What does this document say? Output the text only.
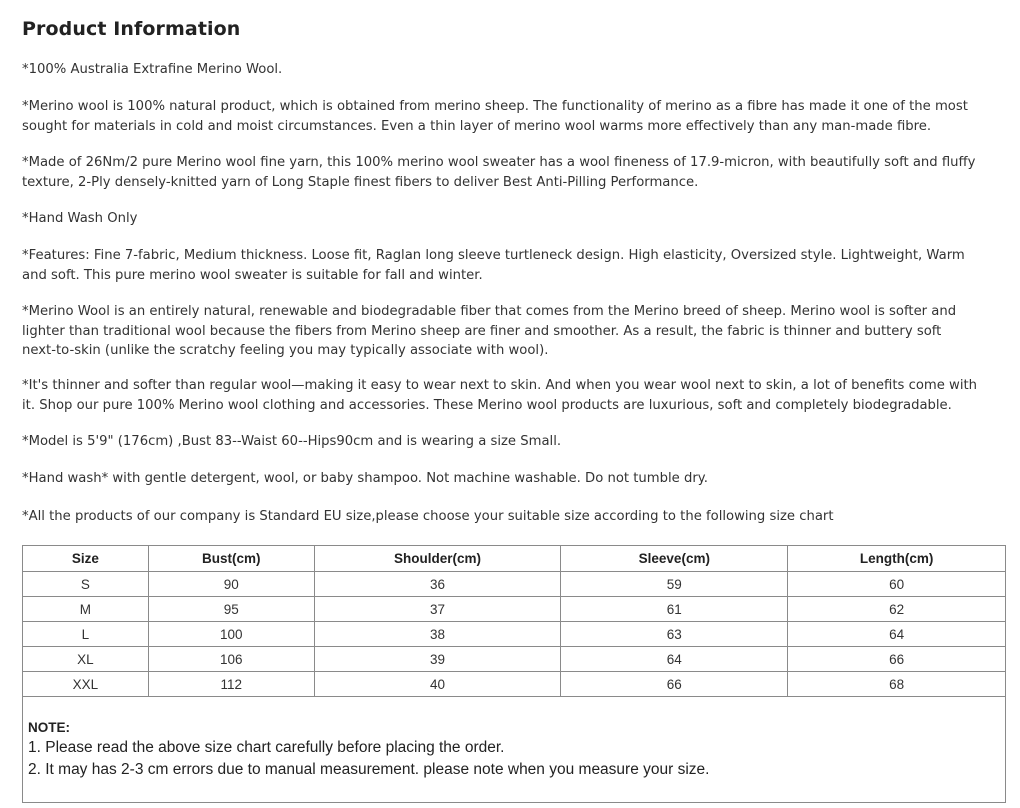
Product Information
*100% Australia Extrafine Merino Wool.
*Merino wool is 100% natural product, which is obtained from merino sheep. The functionality of merino as a fibre has made it one of the most
sought for materials in cold and moist circumstances. Even a thin layer of merino wool warms more effectively than any man-made fibre.
*Made of 26Nm/2 pure Merino wool fine yarn, this 100% merino wool sweater has a wool fineness of 17.9-micron, with beautifully soft and fluffy
texture, 2-Ply densely-knitted yarn of Long Staple finest fibers to deliver Best Anti-Pilling Performance.
*Hand Wash Only
*Features: Fine 7-fabric, Medium thickness. Loose fit, Raglan long sleeve turtleneck design. High elasticity, Oversized style. Lightweight, Warm
and soft. This pure merino wool sweater is suitable for fall and winter.
*Merino Wool is an entirely natural, renewable and biodegradable fiber that comes from the Merino breed of sheep. Merino wool is softer and
lighter than traditional wool because the fibers from Merino sheep are finer and smoother. As a result, the fabric is thinner and buttery soft
next-to-skin (unlike the scratchy feeling you may typically associate with wool).
*It's thinner and softer than regular wool—making it easy to wear next to skin. And when you wear wool next to skin, a lot of benefits come with
it. Shop our pure 100% Merino wool clothing and accessories. These Merino wool products are luxurious, soft and completely biodegradable.
*Model is 5'9" (176cm) ,Bust 83--Waist 60--Hips90cm and is wearing a size Small.
*Hand wash* with gentle detergent, wool, or baby shampoo. Not machine washable. Do not tumble dry.
*All the products of our company is Standard EU size,please choose your suitable size according to the following size chart
Size	Bust(cm)	Shoulder(cm)	Sleeve(cm)	Length(cm)
S	90	36	59	60
M	95	37	61	62
L	100	38	63	64
XL	106	39	64	66
XXL	112	40	66	68
NOTE:
1. Please read the above size chart carefully before placing the order.
2. It may has 2-3 cm errors due to manual measurement. please note when you measure your size.
